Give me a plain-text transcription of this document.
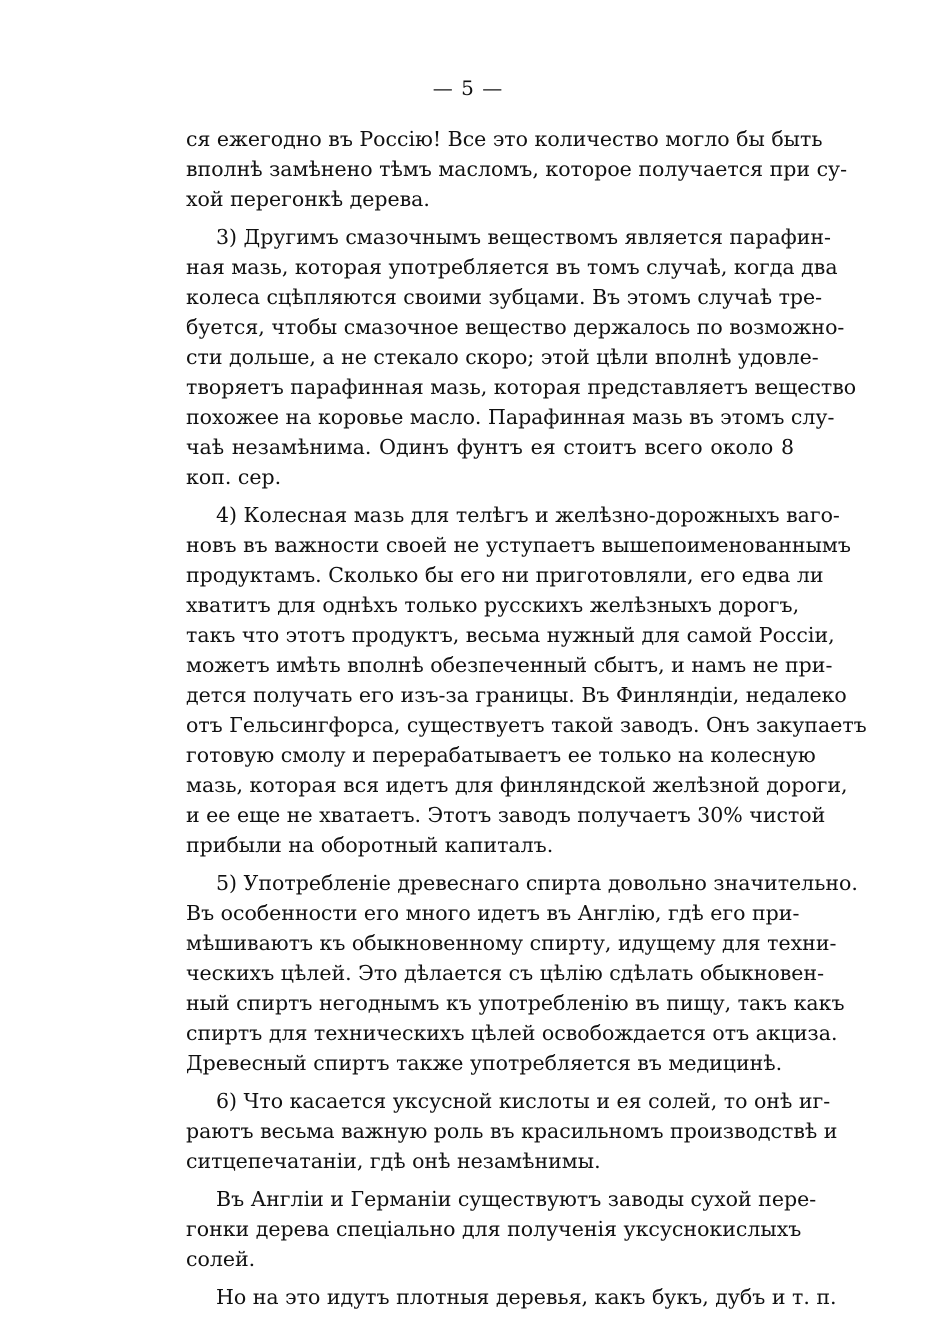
— 5 —
ся ежегодно въ Россію! Все это количество могло бы быть
вполнѣ замѣнено тѣмъ масломъ, которое получается при су-
хой перегонкѣ дерева.
3) Другимъ смазочнымъ веществомъ является парафин-
ная мазь, которая употребляется въ томъ случаѣ, когда два
колеса сцѣпляются своими зубцами. Въ этомъ случаѣ тре-
буется, чтобы смазочное вещество держалось по возможно-
сти дольше, а не стекало скоро; этой цѣли вполнѣ удовле-
творяетъ парафинная мазь, которая представляетъ вещество
похожее на коровье масло. Парафинная мазь въ этомъ слу-
чаѣ незамѣнима. Одинъ фунтъ ея стоитъ всего около 8
коп. сер.
4) Колесная мазь для телѣгъ и желѣзно-дорожныхъ ваго-
новъ въ важности своей не уступаетъ вышепоименованнымъ
продуктамъ. Сколько бы его ни приготовляли, его едва ли
хватитъ для однѣхъ только русскихъ желѣзныхъ дорогъ,
такъ что этотъ продуктъ, весьма нужный для самой Россіи,
можетъ имѣть вполнѣ обезпеченный сбытъ, и намъ не при-
дется получать его изъ-за границы. Въ Финляндіи, недалеко
отъ Гельсингфорса, существуетъ такой заводъ. Онъ закупаетъ
готовую смолу и перерабатываетъ ее только на колесную
мазь, которая вся идетъ для финляндской желѣзной дороги,
и ее еще не хватаетъ. Этотъ заводъ получаетъ 30% чистой
прибыли на оборотный капиталъ.
5) Употребленіе древеснаго спирта довольно значительно.
Въ особенности его много идетъ въ Англію, гдѣ его при-
мѣшиваютъ къ обыкновенному спирту, идущему для техни-
ческихъ цѣлей. Это дѣлается съ цѣлію сдѣлать обыкновен-
ный спиртъ негоднымъ къ употребленію въ пищу, такъ какъ
спиртъ для техническихъ цѣлей освобождается отъ акциза.
Древесный спиртъ также употребляется въ медицинѣ.
6) Что касается уксусной кислоты и ея солей, то онѣ иг-
раютъ весьма важную роль въ красильномъ производствѣ и
ситцепечатаніи, гдѣ онѣ незамѣнимы.
Въ Англіи и Германіи существуютъ заводы сухой пере-
гонки дерева спеціально для полученія уксуснокислыхъ
солей.
Но на это идутъ плотныя деревья, какъ букъ, дубъ и т. п.
